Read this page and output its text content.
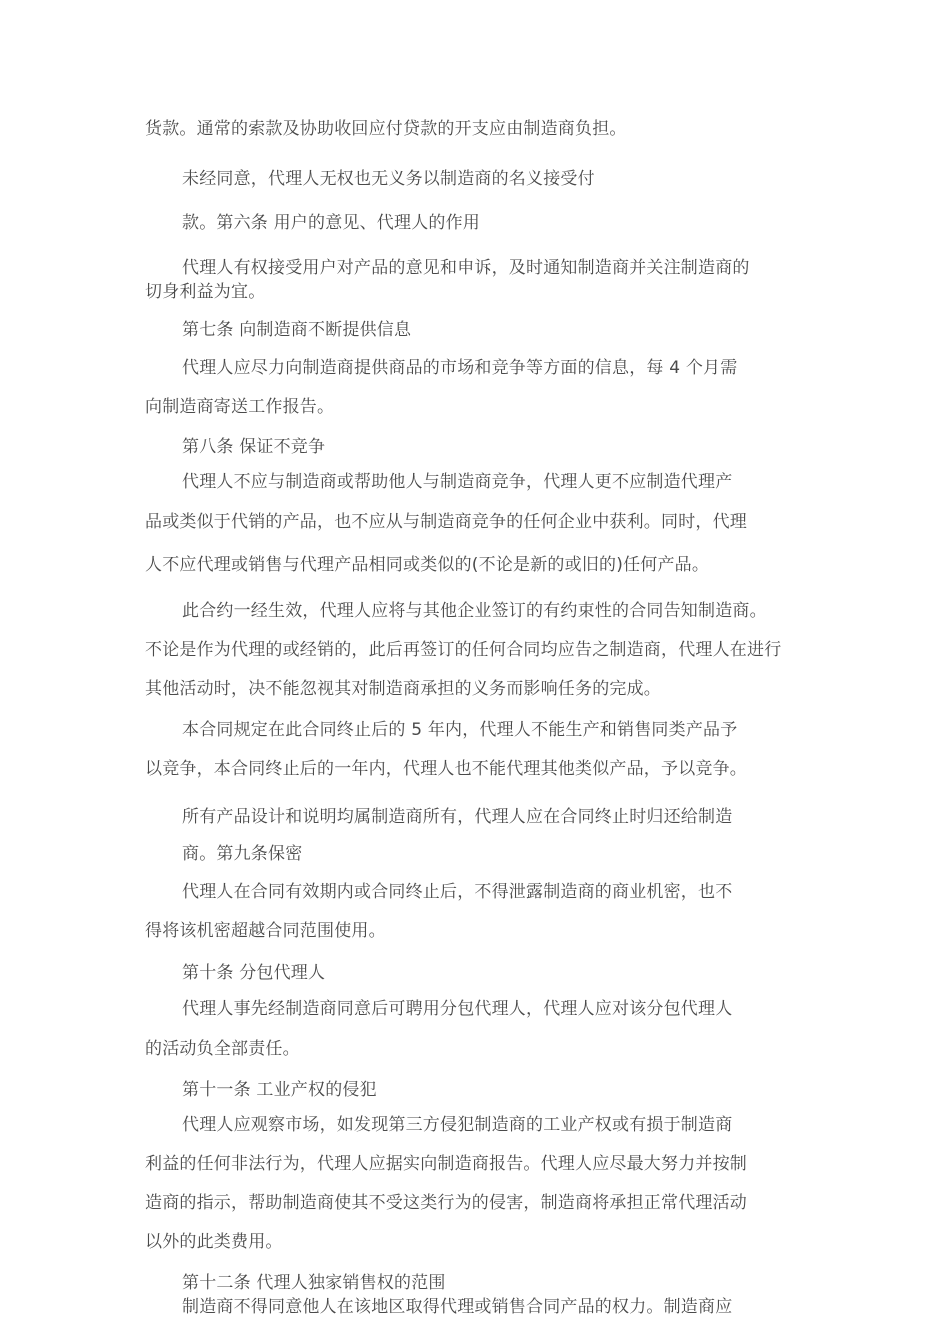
货款。通常的索款及协助收回应付贷款的开支应由制造商负担。
未经同意，代理人无权也无义务以制造商的名义接受付
款。第六条 用户的意见、代理人的作用
代理人有权接受用户对产品的意见和申诉，及时通知制造商并关注制造商的
切身利益为宜。
第七条 向制造商不断提供信息
代理人应尽力向制造商提供商品的市场和竞争等方面的信息，每 4 个月需
向制造商寄送工作报告。
第八条 保证不竞争
代理人不应与制造商或帮助他人与制造商竞争，代理人更不应制造代理产
品或类似于代销的产品，也不应从与制造商竞争的任何企业中获利。同时，代理
人不应代理或销售与代理产品相同或类似的(不论是新的或旧的)任何产品。
此合约一经生效，代理人应将与其他企业签订的有约束性的合同告知制造商。
不论是作为代理的或经销的，此后再签订的任何合同均应告之制造商，代理人在进行
其他活动时，决不能忽视其对制造商承担的义务而影响任务的完成。
本合同规定在此合同终止后的 5 年内，代理人不能生产和销售同类产品予
以竞争，本合同终止后的一年内，代理人也不能代理其他类似产品，予以竞争。
所有产品设计和说明均属制造商所有，代理人应在合同终止时归还给制造
商。第九条保密
代理人在合同有效期内或合同终止后，不得泄露制造商的商业机密，也不
得将该机密超越合同范围使用。
第十条 分包代理人
代理人事先经制造商同意后可聘用分包代理人，代理人应对该分包代理人
的活动负全部责任。
第十一条 工业产权的侵犯
代理人应观察市场，如发现第三方侵犯制造商的工业产权或有损于制造商
利益的任何非法行为，代理人应据实向制造商报告。代理人应尽最大努力并按制
造商的指示，帮助制造商使其不受这类行为的侵害，制造商将承担正常代理活动
以外的此类费用。
第十二条 代理人独家销售权的范围
制造商不得同意他人在该地区取得代理或销售合同产品的权力。制造商应
